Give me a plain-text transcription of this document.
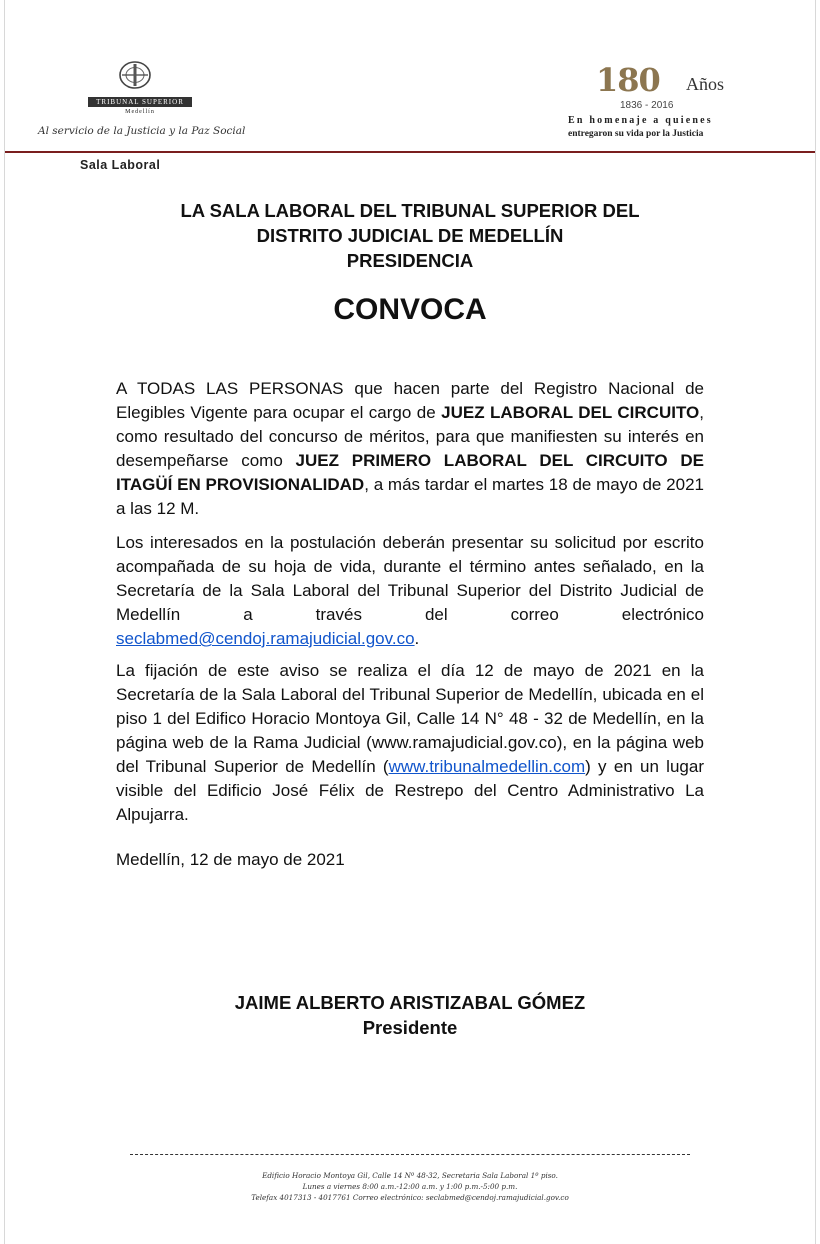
TRIBUNAL SUPERIOR
Medellín
Al servicio de la Justicia y la Paz Social
180 Años
1836 - 2016
En homenaje a quienes
entregaron su vida por la Justicia
Sala Laboral
LA SALA LABORAL DEL TRIBUNAL SUPERIOR DEL
DISTRITO JUDICIAL DE MEDELLÍN
PRESIDENCIA
CONVOCA

A TODAS LAS PERSONAS que hacen parte del Registro Nacional de Elegibles Vigente para ocupar el cargo de JUEZ LABORAL DEL CIRCUITO, como resultado del concurso de méritos, para que manifiesten su interés en desempeñarse como JUEZ PRIMERO LABORAL DEL CIRCUITO DE ITAGÜÍ EN PROVISIONALIDAD, a más tardar el martes 18 de mayo de 2021 a las 12 M.

Los interesados en la postulación deberán presentar su solicitud por escrito acompañada de su hoja de vida, durante el término antes señalado, en la Secretaría de la Sala Laboral del Tribunal Superior del Distrito Judicial de Medellín a través del correo electrónico seclabmed@cendoj.ramajudicial.gov.co.

La fijación de este aviso se realiza el día 12 de mayo de 2021 en la Secretaría de la Sala Laboral del Tribunal Superior de Medellín, ubicada en el piso 1 del Edifico Horacio Montoya Gil, Calle 14 N° 48 - 32 de Medellín, en la página web de la Rama Judicial (www.ramajudicial.gov.co), en la página web del Tribunal Superior de Medellín (www.tribunalmedellin.com) y en un lugar visible del Edificio José Félix de Restrepo del Centro Administrativo La Alpujarra.

Medellín, 12 de mayo de 2021
JAIME ALBERTO ARISTIZABAL GÓMEZ
Presidente
Edificio Horacio Montoya Gil, Calle 14 Nº 48-32, Secretaria Sala Laboral 1º piso.
Lunes a viernes 8:00 a.m.-12:00 a.m. y 1:00 p.m.-5:00 p.m.
Telefax 4017313 - 4017761 Correo electrónico: seclabmed@cendoj.ramajudicial.gov.co
